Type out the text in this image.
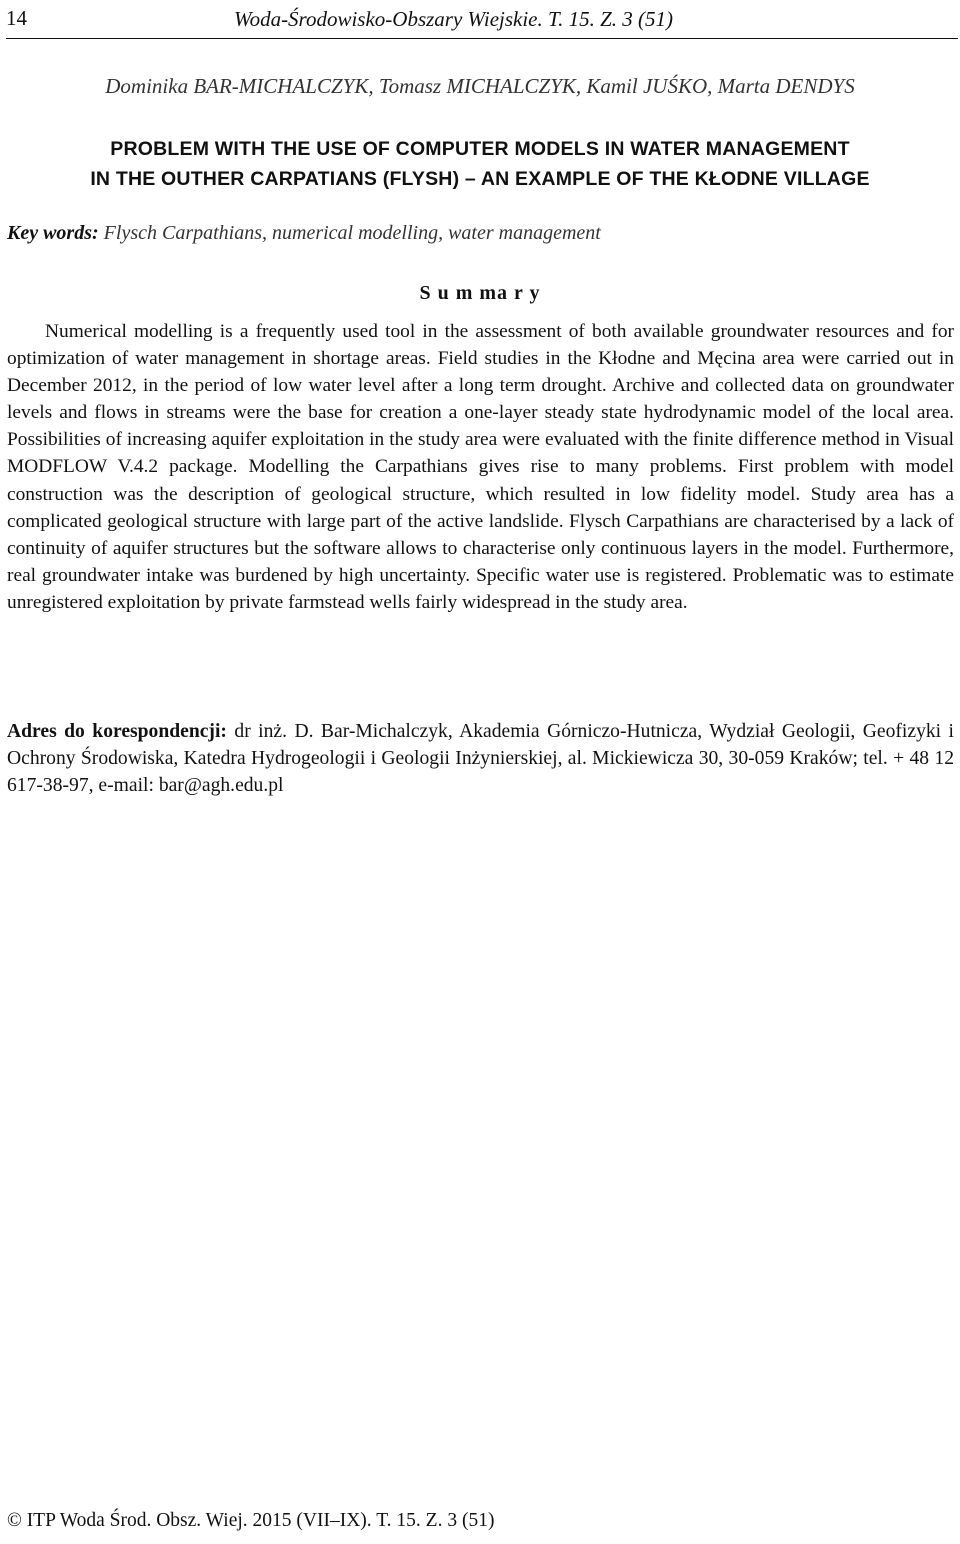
14	Woda-Środowisko-Obszary Wiejskie. T. 15. Z. 3 (51)
Dominika BAR-MICHALCZYK, Tomasz MICHALCZYK, Kamil JUŚKO, Marta DENDYS
PROBLEM WITH THE USE OF COMPUTER MODELS IN WATER MANAGEMENT
IN THE OUTHER CARPATIANS (FLYSH) – AN EXAMPLE OF THE KŁODNE VILLAGE
Key words: Flysch Carpathians, numerical modelling, water management
S u m ma r y

Numerical modelling is a frequently used tool in the assessment of both available groundwater resources and for optimization of water management in shortage areas. Field studies in the Kłodne and Męcina area were carried out in December 2012, in the period of low water level after a long term drought. Archive and collected data on groundwater levels and flows in streams were the base for creation a one-layer steady state hydrodynamic model of the local area. Possibilities of increasing aquifer exploitation in the study area were evaluated with the finite difference method in Visual MODFLOW V.4.2 package. Modelling the Carpathians gives rise to many problems. First problem with model construction was the description of geological structure, which resulted in low fidelity model. Study area has a complicated geological structure with large part of the active landslide. Flysch Carpathians are characterised by a lack of continuity of aquifer structures but the software allows to characterise only continuous layers in the model. Furthermore, real groundwater intake was burdened by high uncertainty. Specific water use is registered. Problematic was to estimate unregistered exploitation by private farmstead wells fairly widespread in the study area.

Adres do korespondencji: dr inż. D. Bar-Michalczyk, Akademia Górniczo-Hutnicza, Wydział Geologii, Geofizyki i Ochrony Środowiska, Katedra Hydrogeologii i Geologii Inżynierskiej, al. Mickiewicza 30, 30-059 Kraków; tel. + 48 12 617-38-97, e-mail: bar@agh.edu.pl

© ITP Woda Środ. Obsz. Wiej. 2015 (VII–IX). T. 15. Z. 3 (51)
